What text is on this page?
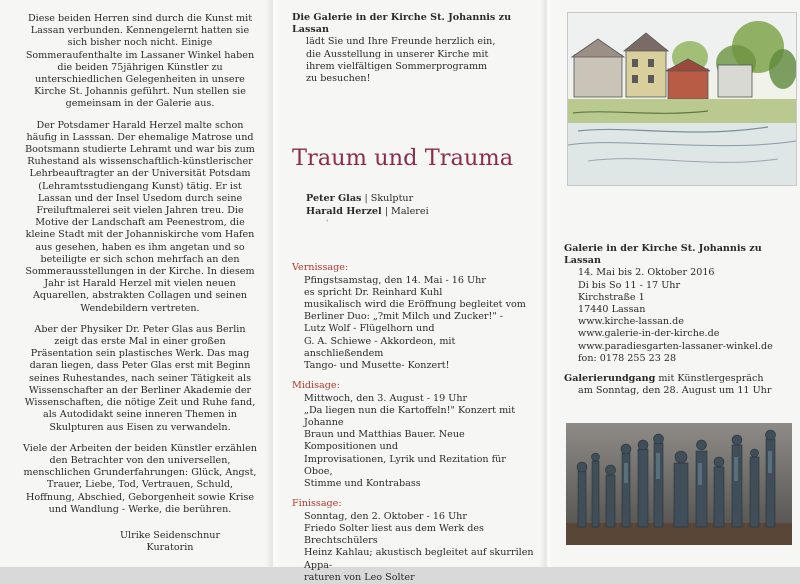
Diese beiden Herren sind durch die Kunst mit Lassan verbunden. Kennengelernt hatten sie sich bisher noch nicht. Einige Sommeraufenthalte im Lassaner Winkel haben die beiden 75jährigen Künstler zu unterschiedlichen Gelegenheiten in unsere Kirche St. Johannis geführt. Nun stellen sie gemeinsam in der Galerie aus.

Der Potsdamer Harald Herzel malte schon häufig in Lasssan. Der ehemalige Matrose und Bootsmann studierte Lehramt und war bis zum Ruhestand als wissenschaftlich-künstlerischer Lehrbeauftragter an der Universität Potsdam (Lehramtsstudiengang Kunst) tätig. Er ist Lassan und der Insel Usedom durch seine Freiluftmalerei seit vielen Jahren treu. Die Motive der Landschaft am Peenestrom, die kleine Stadt mit der Johanniskirche vom Hafen aus gesehen, haben es ihm angetan und so beteiligte er sich schon mehrfach an den Sommerausstellungen in der Kirche. In diesem Jahr ist Harald Herzel mit vielen neuen Aquarellen, abstrakten Collagen und seinen Wendebildern vertreten.

Aber der Physiker Dr. Peter Glas aus Berlin zeigt das erste Mal in einer großen Präsentation sein plastisches Werk. Das mag daran liegen, dass Peter Glas erst mit Beginn seines Ruhestandes, nach seiner Tätigkeit als Wissenschafter an der Berliner Akademie der Wissenschaften, die nötige Zeit und Ruhe fand, als Autodidakt seine inneren Themen in Skulpturen aus Eisen zu verwandeln.

Viele der Arbeiten der beiden Künstler erzählen den Betrachter von den universellen, menschlichen Grunderfahrungen: Glück, Angst, Trauer, Liebe, Tod, Vertrauen, Schuld, Hoffnung, Abschied, Geborgenheit sowie Krise und Wandlung - Werke, die berühren.

Ulrike Seidenschnur
Kuratorin
Die Galerie in der Kirche St. Johannis zu Lassan
lädt Sie und Ihre Freunde herzlich ein,
die Ausstellung in unserer Kirche mit
ihrem vielfältigen Sommerprogramm
zu besuchen!
Traum und Trauma
Peter Glas | Skulptur
Harald Herzel | Malerei
ˈ
Vernissage:
Pfingstsamstag, den 14. Mai - 16 Uhr
es spricht Dr. Reinhard Kuhl
musikalisch wird die Eröffnung begleitet vom
Berliner Duo: „?mit Milch und Zucker!" -
Lutz Wolf - Flügelhorn und
G. A. Schiewe - Akkordeon, mit anschließendem
Tango- und Musette- Konzert!
Midisage:
Mittwoch, den 3. August - 19 Uhr
„Da liegen nun die Kartoffeln!" Konzert mit Johanne
Braun und Matthias Bauer. Neue Kompositionen und
Improvisationen, Lyrik und Rezitation für Oboe,
Stimme und Kontrabass
Finissage:
Sonntag, den 2. Oktober - 16 Uhr
Friedo Solter liest aus dem Werk des Brechtschülers
Heinz Kahlau; akustisch begleitet auf skurrilen Appa-
raturen von Leo Solter
Galerie in der Kirche St. Johannis zu Lassan
14. Mai bis 2. Oktober 2016
Di bis So 11 - 17 Uhr
Kirchstraße 1
17440 Lassan
www.kirche-lassan.de
www.galerie-in-der-kirche.de
www.paradiesgarten-lassaner-winkel.de
fon: 0178 255 23 28
Galerierundgang mit Künstlergespräch
am Sonntag, den 28. August um 11 Uhr
